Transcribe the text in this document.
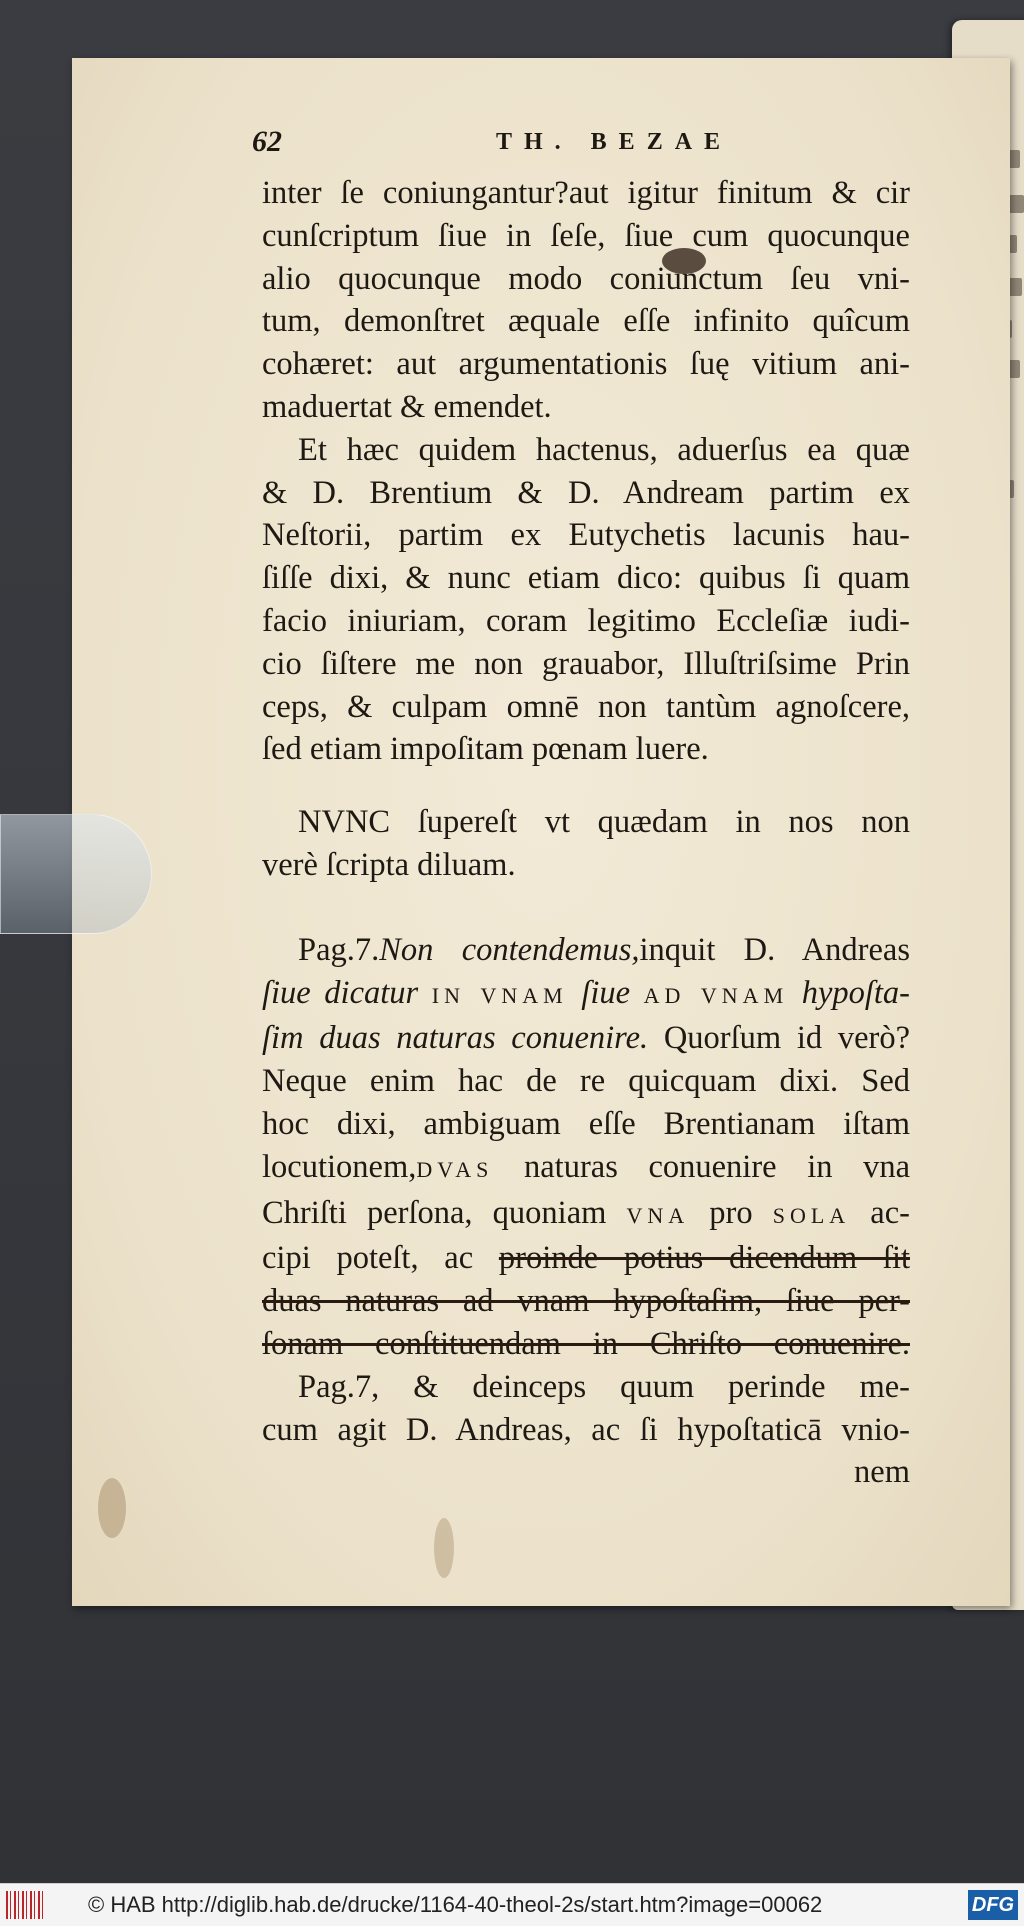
62	TH. BEZAE

inter ſe coniungantur?aut igitur finitum & cir
cunſcriptum ſiue in ſeſe, ſiue cum quocunque
alio quocunque modo coniunctum ſeu vni-
tum, demonſtret æquale eſſe infinito quîcum
cohæret: aut argumentationis ſuę vitium ani-
maduertat & emendet.

Et hæc quidem hactenus, aduerſus ea quæ
& D. Brentium & D. Andream partim ex
Neſtorii, partim ex Eutychetis lacunis hau-
ſiſſe dixi, & nunc etiam dico: quibus ſi quam
facio iniuriam, coram legitimo Eccleſiæ iudi-
cio ſiſtere me non grauabor, Illuſtriſsime Prin
ceps, & culpam omnē non tantùm agnoſcere,
ſed etiam impoſitam pœnam luere.

NVNC ſupereſt vt quædam in nos non
verè ſcripta diluam.

Pag.7.Non contendemus,inquit D. Andreas
ſiue dicatur IN VNAM ſiue AD VNAM hypoſta-
ſim duas naturas conuenire. Quorſum id verò?
Neque enim hac de re quicquam dixi. Sed
hoc dixi, ambiguam eſſe Brentianam iſtam
locutionem,DVAS naturas conuenire in vna
Chriſti perſona, quoniam VNA pro SOLA ac-
cipi poteſt, ac proinde potius dicendum ſit
duas naturas ad vnam hypoſtaſim, ſiue per-
ſonam conſtituendam in Chriſto conuenire.

Pag.7, & deinceps quum perinde me-
cum agit D. Andreas, ac ſi hypoſtaticā vnio-
nem

© HAB http://diglib.hab.de/drucke/1164-40-theol-2s/start.htm?image=00062	DFG
